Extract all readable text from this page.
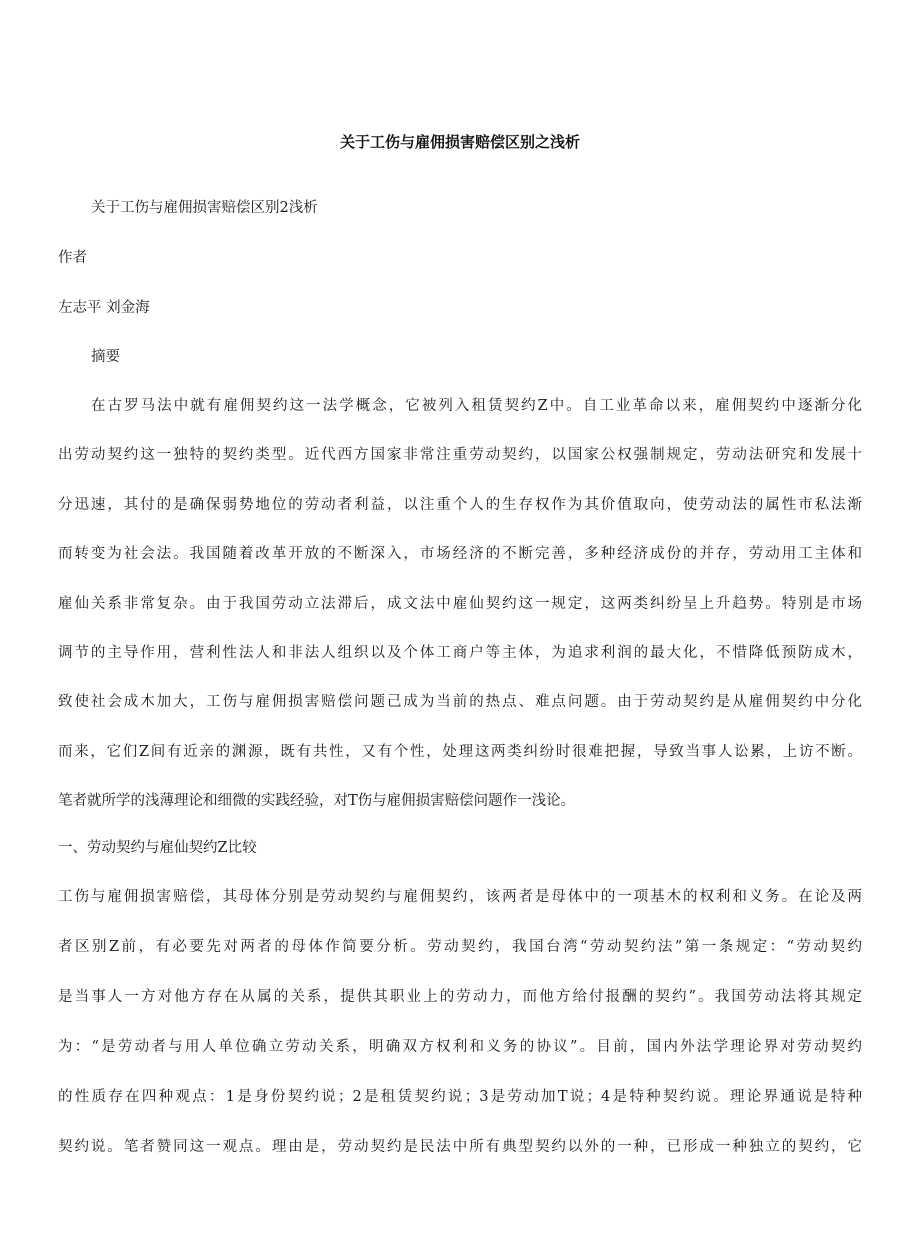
关于工伤与雇佣损害赔偿区别之浅析
关于工伤与雇佣损害赔偿区别2浅析
作者
左志平 刘金海
摘要
在古罗马法中就有雇佣契约这一法学概念，它被列入租赁契约Z中。自工业革命以来，雇佣契约中逐渐分化
出劳动契约这一独特的契约类型。近代西方国家非常注重劳动契约，以国家公权强制规定，劳动法研究和发展十
分迅速，其付的是确保弱势地位的劳动者利益，以注重个人的生存权作为其价值取向，使劳动法的属性市私法渐
而转变为社会法。我国随着改革开放的不断深入，市场经济的不断完善，多种经济成份的并存，劳动用工主体和
雇仙关系非常复杂。由于我国劳动立法滞后，成文法中雇仙契约这一规定，这两类纠纷呈上升趋势。特别是市场
调节的主导作用，营利性法人和非法人组织以及个体工商户等主体，为追求利润的最大化，不惜降低预防成木，
致使社会成木加大，工伤与雇佣损害赔偿问题己成为当前的热点、难点问题。由于劳动契约是从雇佣契约中分化
而来，它们Z间有近亲的渊源，既有共性，又有个性，处理这两类纠纷时很难把握，导致当事人讼累，上访不断。
笔者就所学的浅薄理论和细微的实践经验，对T伤与雇佣损害赔偿问题作一浅论。
一、劳动契约与雇仙契约Z比较
工伤与雇佣损害赔偿，其母体分别是劳动契约与雇佣契约，该两者是母体中的一项基木的权利和义务。在论及两
者区别Z前，有必要先对两者的母体作简要分析。劳动契约，我国台湾“劳动契约法”第一条规定：“劳动契约
是当事人一方对他方存在从属的关系，提供其职业上的劳动力，而他方给付报酬的契约”。我国劳动法将其规定
为：“是劳动者与用人单位确立劳动关系，明确双方权利和义务的协议”。目前，国内外法学理论界对劳动契约
的性质存在四种观点：1是身份契约说；2是租赁契约说；3是劳动加T说；4是特种契约说。理论界通说是特种
契约说。笔者赞同这一观点。理由是，劳动契约是民法中所有典型契约以外的一种，已形成一种独立的契约，它
